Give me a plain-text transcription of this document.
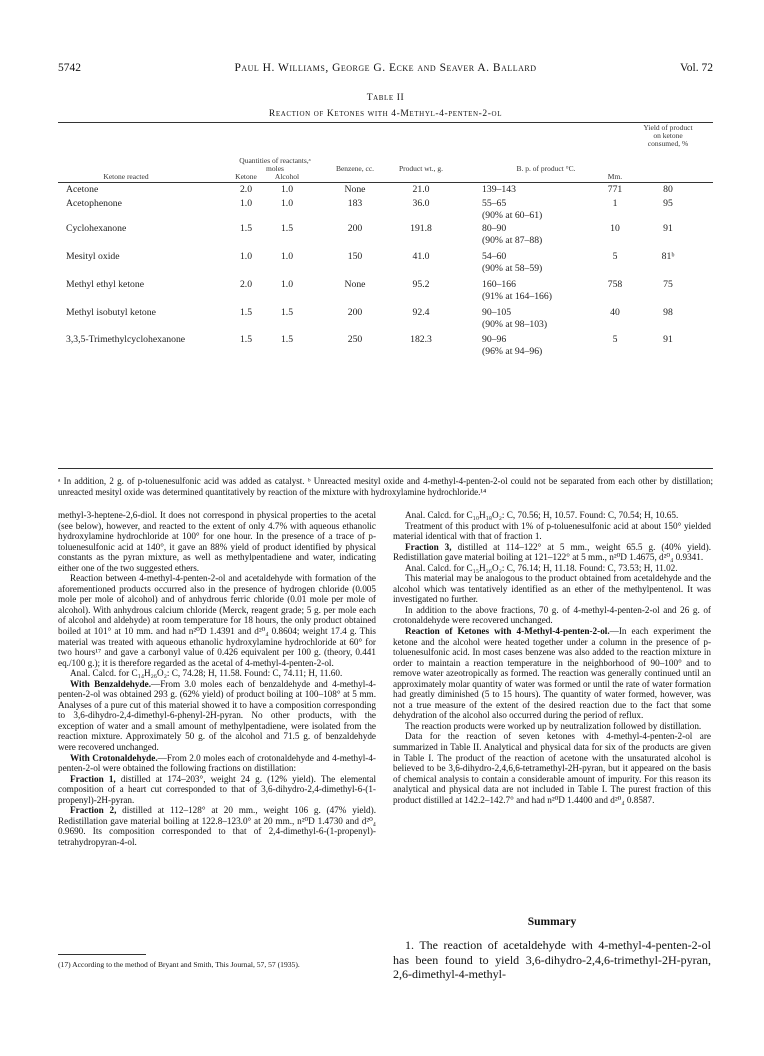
5742	Paul H. Williams, George G. Ecke and Seaver A. Ballard	Vol. 72
Table II
Reaction of Ketones with 4-Methyl-4-penten-2-ol
Ketone reacted
Quantities of reactants,ᵃ moles
Ketone	Alcohol
Benzene, cc.	Product wt., g.	B. p. of product °C.
Mm.
Yield of product on ketone consumed, %
Acetone	2.0	1.0	None	21.0	139–143	771	80
Acetophenone	1.0	1.0	183	36.0	55–65	1	95
(90% at 60–61)
Cyclohexanone	1.5	1.5	200	191.8	80–90	10	91
(90% at 87–88)
Mesityl oxide	1.0	1.0	150	41.0	54–60	5	81ᵇ
(90% at 58–59)
Methyl ethyl ketone	2.0	1.0	None	95.2	160–166	758	75
(91% at 164–166)
Methyl isobutyl ketone	1.5	1.5	200	92.4	90–105	40	98
(90% at 98–103)
3,3,5-Trimethylcyclohexanone	1.5	1.5	250	182.3	90–96	5	91
(96% at 94–96)
ᵃ In addition, 2 g. of p-toluenesulfonic acid was added as catalyst. ᵇ Unreacted mesityl oxide and 4-methyl-4-penten-2-ol could not be separated from each other by distillation; unreacted mesityl oxide was determined quantitatively by reaction of the mixture with hydroxylamine hydrochloride.¹⁴

methyl-3-heptene-2,6-diol. It does not correspond in physical properties to the acetal (see below), however, and reacted to the extent of only 4.7% with aqueous ethanolic hydroxylamine hydrochloride at 100° for one hour. In the presence of a trace of p-toluenesulfonic acid at 140°, it gave an 88% yield of product identified by physical constants as the pyran mixture, as well as methylpentadiene and water, indicating either one of the two suggested ethers.

Reaction between 4-methyl-4-penten-2-ol and acetaldehyde with formation of the aforementioned products occurred also in the presence of hydrogen chloride (0.005 mole per mole of alcohol) and of anhydrous ferric chloride (0.01 mole per mole of alcohol). With anhydrous calcium chloride (Merck, reagent grade; 5 g. per mole each of alcohol and aldehyde) at room temperature for 18 hours, the only product obtained boiled at 101° at 10 mm. and had n²⁰D 1.4391 and d²⁰₄ 0.8604; weight 17.4 g. This material was treated with aqueous ethanolic hydroxylamine hydrochloride at 60° for two hours¹⁷ and gave a carbonyl value of 0.426 equivalent per 100 g. (theory, 0.441 eq./100 g.); it is therefore regarded as the acetal of 4-methyl-4-penten-2-ol.

Anal. Calcd. for C₁₄H₂₆O₂: C, 74.28; H, 11.58. Found: C, 74.11; H, 11.60.

With Benzaldehyde.—From 3.0 moles each of benzaldehyde and 4-methyl-4-penten-2-ol was obtained 293 g. (62% yield) of product boiling at 100–108° at 5 mm. Analyses of a pure cut of this material showed it to have a composition corresponding to 3,6-dihydro-2,4-dimethyl-6-phenyl-2H-pyran. No other products, with the exception of water and a small amount of methylpentadiene, were isolated from the reaction mixture. Approximately 50 g. of the alcohol and 71.5 g. of benzaldehyde were recovered unchanged.

With Crotonaldehyde.—From 2.0 moles each of crotonaldehyde and 4-methyl-4-penten-2-ol were obtained the following fractions on distillation:

Fraction 1, distilled at 174–203°, weight 24 g. (12% yield). The elemental composition of a heart cut corresponded to that of 3,6-dihydro-2,4-dimethyl-6-(1-propenyl)-2H-pyran.

Fraction 2, distilled at 112–128° at 20 mm., weight 106 g. (47% yield). Redistillation gave material boiling at 122.8–123.0° at 20 mm., n²⁰D 1.4730 and d²⁰₄ 0.9690. Its composition corresponded to that of 2,4-dimethyl-6-(1-propenyl)-tetrahydropyran-4-ol.

(17) According to the method of Bryant and Smith, This Journal, 57, 57 (1935).

Anal. Calcd. for C₁₀H₁₈O₂: C, 70.56; H, 10.57. Found: C, 70.54; H, 10.65.

Treatment of this product with 1% of p-toluenesulfonic acid at about 150° yielded material identical with that of fraction 1.

Fraction 3, distilled at 114–122° at 5 mm., weight 65.5 g. (40% yield). Redistillation gave material boiling at 121–122° at 5 mm., n²⁰D 1.4675, d²⁰₄ 0.9341.

Anal. Calcd. for C₁₅H₂₆O₂: C, 76.14; H, 11.18. Found: C, 73.53; H, 11.02.

This material may be analogous to the product obtained from acetaldehyde and the alcohol which was tentatively identified as an ether of the methylpentenol. It was investigated no further.

In addition to the above fractions, 70 g. of 4-methyl-4-penten-2-ol and 26 g. of crotonaldehyde were recovered unchanged.

Reaction of Ketones with 4-Methyl-4-penten-2-ol.—In each experiment the ketone and the alcohol were heated together under a column in the presence of p-toluenesulfonic acid. In most cases benzene was also added to the reaction mixture in order to maintain a reaction temperature in the neighborhood of 90–100° and to remove water azeotropically as formed. The reaction was generally continued until an approximately molar quantity of water was formed or until the rate of water formation had greatly diminished (5 to 15 hours). The quantity of water formed, however, was not a true measure of the extent of the desired reaction due to the fact that some dehydration of the alcohol also occurred during the period of reflux.

The reaction products were worked up by neutralization followed by distillation.

Data for the reaction of seven ketones with 4-methyl-4-penten-2-ol are summarized in Table II. Analytical and physical data for six of the products are given in Table I. The product of the reaction of acetone with the unsaturated alcohol is believed to be 3,6-dihydro-2,4,6,6-tetramethyl-2H-pyran, but it appeared on the basis of chemical analysis to contain a considerable amount of impurity. For this reason its analytical and physical data are not included in Table I. The purest fraction of this product distilled at 142.2–142.7° and had n²⁰D 1.4400 and d²⁰₄ 0.8587.

Summary

1. The reaction of acetaldehyde with 4-methyl-4-penten-2-ol has been found to yield 3,6-dihydro-2,4,6-trimethyl-2H-pyran, 2,6-dimethyl-4-methyl-
